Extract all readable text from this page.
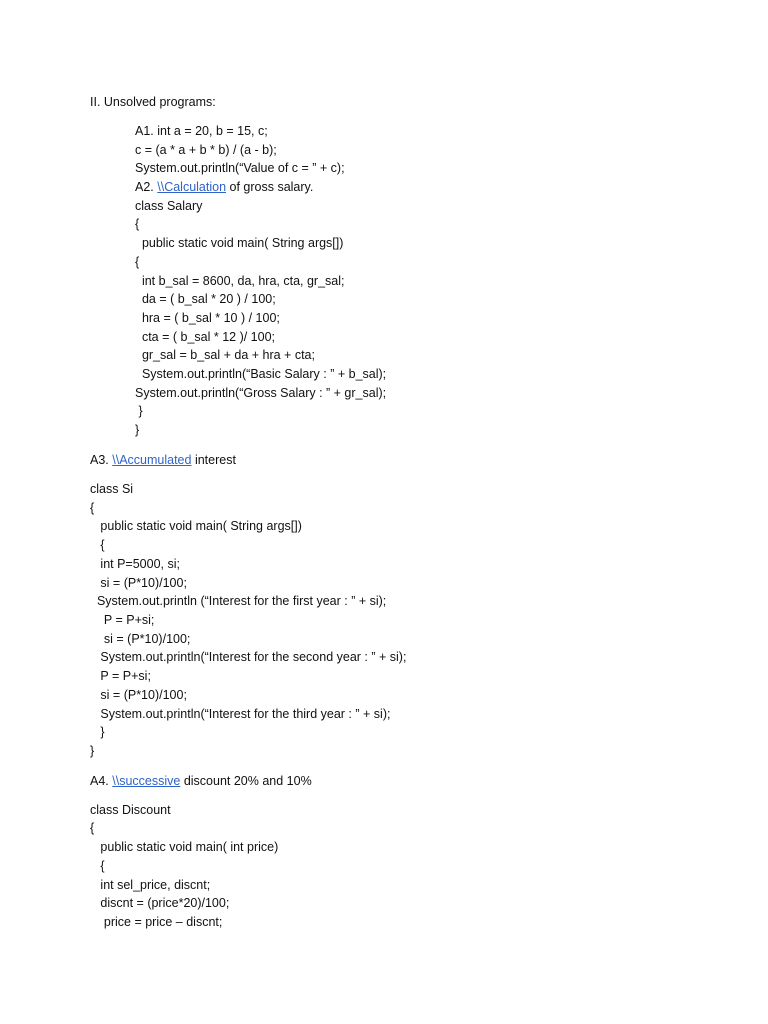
II. Unsolved programs:
A1. int a = 20, b = 15, c;
c = (a * a + b * b) / (a - b);
System.out.println(“Value of c = ” + c);
A2. \\Calculation of gross salary.
class Salary
{
public static void main( String args[])
{
int b_sal = 8600, da, hra, cta, gr_sal;
da = ( b_sal * 20 ) / 100;
hra = ( b_sal * 10 ) / 100;
cta = ( b_sal * 12 )/ 100;
gr_sal = b_sal + da + hra + cta;
System.out.println(“Basic Salary : ” + b_sal);
System.out.println(“Gross Salary : ” + gr_sal);
}
}
A3. \\Accumulated interest
class Si
{
public static void main( String args[])
{
int P=5000, si;
si = (P*10)/100;
System.out.println (“Interest for the first year : ” + si);
P = P+si;
si = (P*10)/100;
System.out.println(“Interest for the second year : ” + si);
P = P+si;
si = (P*10)/100;
System.out.println(“Interest for the third year : ” + si);
}
}
A4. \\successive discount 20% and 10%
class Discount
{
public static void main( int price)
{
int sel_price, discnt;
discnt = (price*20)/100;
price = price – discnt;
